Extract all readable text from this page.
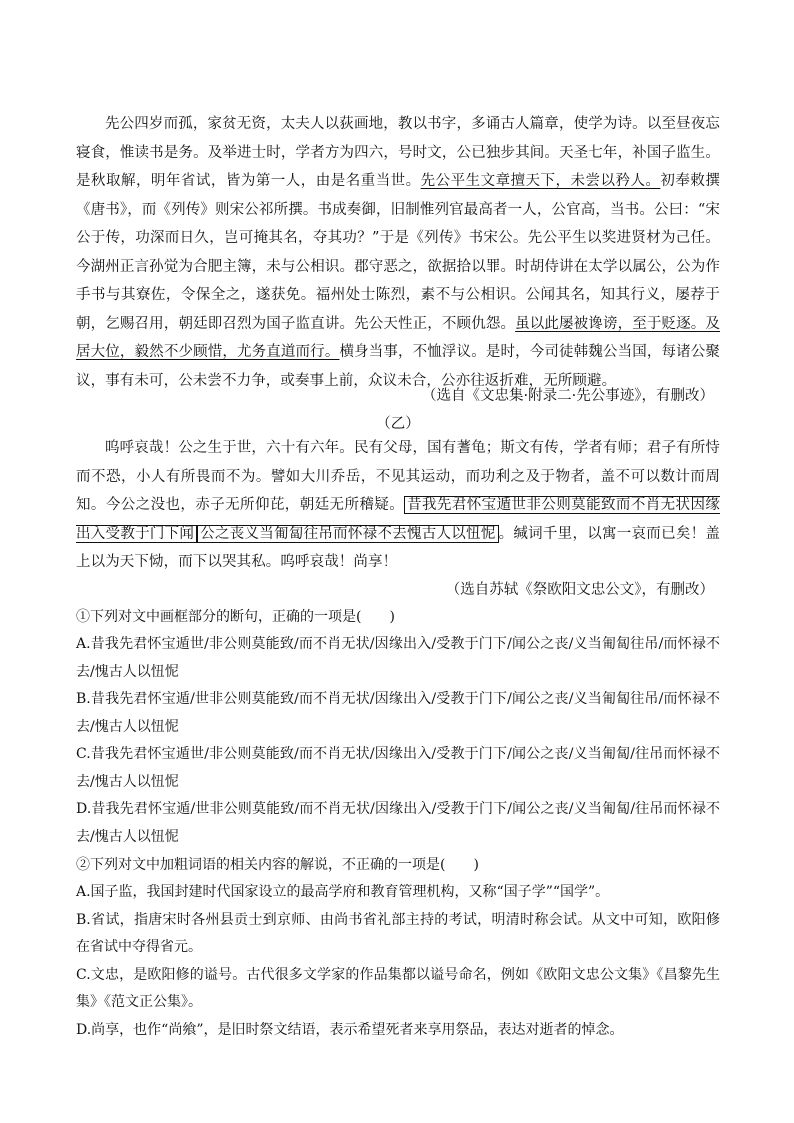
先公四岁而孤，家贫无资，太夫人以荻画地，教以书字，多诵古人篇章，使学为诗。以至昼夜忘寝食，惟读书是务。及举进士时，学者方为四六，号时文，公已独步其间。天圣七年，补国子监生。是秋取解，明年省试，皆为第一人，由是名重当世。先公平生文章擅天下，未尝以矜人。初奉敕撰《唐书》，而《列传》则宋公祁所撰。书成奏御，旧制惟列官最高者一人，公官高，当书。公曰：“宋公于传，功深而日久，岂可掩其名，夺其功？”于是《列传》书宋公。先公平生以奖进贤材为己任。今湖州正言孙觉为合肥主簿，未与公相识。郡守恶之，欲据拾以罪。时胡侍讲在太学以属公，公为作手书与其寮佐，令保全之，遂获免。福州处士陈烈，素不与公相识。公闻其名，知其行义，屡荐于朝，乞赐召用，朝廷即召烈为国子监直讲。先公天性正，不顾仇怨。虽以此屡被谗谤，至于贬逐。及居大位，毅然不少顾惜，尤务直道而行。横身当事，不恤浮议。是时，今司徒韩魏公当国，每诸公聚议，事有未可，公未尝不力争，或奏事上前，众议未合，公亦往返折难，无所顾避。

（选自《文忠集·附录二·先公事迹》，有删改）
（乙）

呜呼哀哉！公之生于世，六十有六年。民有父母，国有蓍龟；斯文有传，学者有师；君子有所恃而不恐，小人有所畏而不为。譬如大川乔岳，不见其运动，而功利之及于物者，盖不可以数计而周知。今公之没也，赤子无所仰芘，朝廷无所稽疑。 昔我先君怀宝遁世非公则莫能致而不肖无状因缘出入受教于门下闻 公之丧义当匍匐往吊而怀禄不去愧古人以忸怩 。缄词千里，以寓一哀而已矣！盖上以为天下恸，而下以哭其私。呜呼哀哉！尚享！

（选自苏轼《祭欧阳文忠公文》，有删改）

①下列对文中画框部分的断句，正确的一项是(　　)

A.昔我先君怀宝遁世/非公则莫能致/而不肖无状/因缘出入/受教于门下/闻公之丧/义当匍匐往吊/而怀禄不去/愧古人以忸怩

B.昔我先君怀宝遁/世非公则莫能致/而不肖无状/因缘出入/受教于门下/闻公之丧/义当匍匐往吊/而怀禄不去/愧古人以忸怩

C.昔我先君怀宝遁世/非公则莫能致/而不肖无状/因缘出入/受教于门下/闻公之丧/义当匍匐/往吊而怀禄不去/愧古人以忸怩

D.昔我先君怀宝遁/世非公则莫能致/而不肖无状/因缘出入/受教于门下/闻公之丧/义当匍匐/往吊而怀禄不去/愧古人以忸怩

②下列对文中加粗词语的相关内容的解说，不正确的一项是(　　)

A.国子监，我国封建时代国家设立的最高学府和教育管理机构，又称“国子学”“国学”。

B.省试，指唐宋时各州县贡士到京师、由尚书省礼部主持的考试，明清时称会试。从文中可知，欧阳修在省试中夺得省元。

C.文忠，是欧阳修的谥号。古代很多文学家的作品集都以谥号命名，例如《欧阳文忠公文集》《昌黎先生集》《范文正公集》。

D.尚享，也作“尚飨”，是旧时祭文结语，表示希望死者来享用祭品，表达对逝者的悼念。
